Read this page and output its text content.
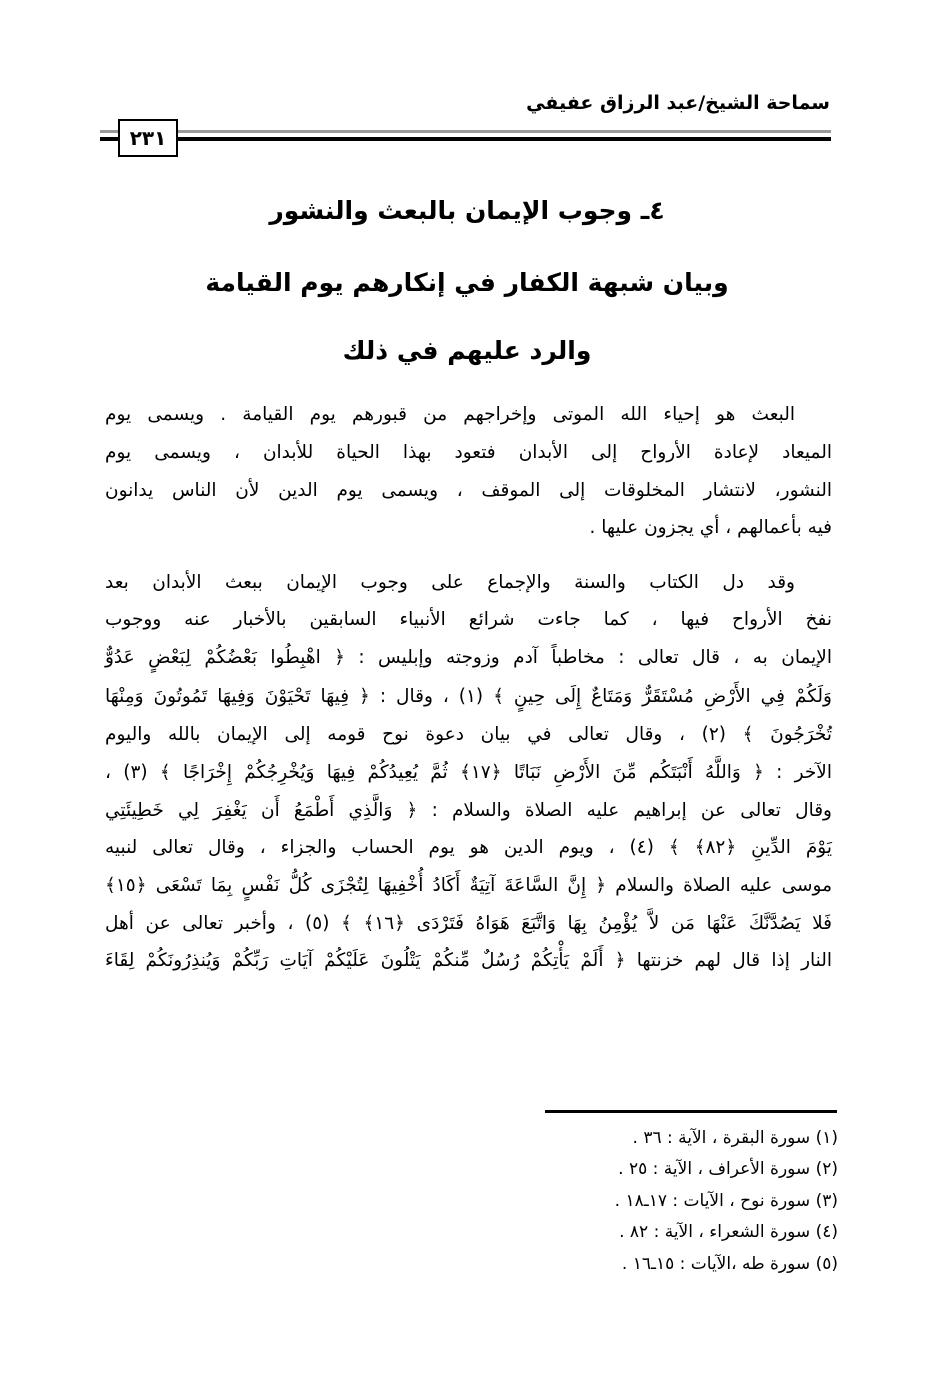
سماحة الشيخ/عبد الرزاق عفيفي
٢٣١
٤ـ وجوب الإيمان بالبعث والنشور
وبيان شبهة الكفار في إنكارهم يوم القيامة
والرد عليهم في ذلك
البعث هو إحياء الله الموتى وإخراجهم من قبورهم يوم القيامة . ويسمى يوم
الميعاد لإعادة الأرواح إلى الأبدان فتعود بهذا الحياة للأبدان ، ويسمى يوم
النشور، لانتشار المخلوقات إلى الموقف ، ويسمى يوم الدين لأن الناس يدانون
فيه بأعمالهم ، أي يجزون عليها .
وقد دل الكتاب والسنة والإجماع على وجوب الإيمان ببعث الأبدان بعد
نفخ الأرواح فيها ، كما جاءت شرائع الأنبياء السابقين بالأخبار عنه ووجوب
الإيمان به ، قال تعالى : مخاطباً آدم وزوجته وإبليس : ﴿ اهْبِطُوا بَعْضُكُمْ لِبَعْضٍ عَدُوٌّ
وَلَكُمْ فِي الأَرْضِ مُسْتَقَرٌّ وَمَتَاعٌ إِلَى حِينٍ ﴾ (١) ، وقال : ﴿ فِيهَا تَحْيَوْنَ وَفِيهَا تَمُوتُونَ وَمِنْهَا
تُخْرَجُونَ ﴾ (٢) ، وقال تعالى في بيان دعوة نوح قومه إلى الإيمان بالله واليوم
الآخر : ﴿ وَاللَّهُ أَنْبَتَكُم مِّنَ الأَرْضِ نَبَاتًا ﴿١٧﴾ ثُمَّ يُعِيدُكُمْ فِيهَا وَيُخْرِجُكُمْ إِخْرَاجًا ﴾ (٣) ،
وقال تعالى عن إبراهيم عليه الصلاة والسلام : ﴿ وَالَّذِي أَطْمَعُ أَن يَغْفِرَ لِي خَطِيئَتِي
يَوْمَ الدِّينِ ﴿٨٢﴾ ﴾ (٤) ، ويوم الدين هو يوم الحساب والجزاء ، وقال تعالى لنبيه
موسى عليه الصلاة والسلام ﴿ إِنَّ السَّاعَةَ آتِيَةٌ أَكَادُ أُخْفِيهَا لِتُجْزَى كُلُّ نَفْسٍ بِمَا تَسْعَى ﴿١٥﴾
فَلا يَصُدَّنَّكَ عَنْهَا مَن لاَّ يُؤْمِنُ بِهَا وَاتَّبَعَ هَوَاهُ فَتَرْدَى ﴿١٦﴾ ﴾ (٥) ، وأخبر تعالى عن أهل
النار إذا قال لهم خزنتها ﴿ أَلَمْ يَأْتِكُمْ رُسُلٌ مِّنكُمْ يَتْلُونَ عَلَيْكُمْ آيَاتِ رَبِّكُمْ وَيُنذِرُونَكُمْ لِقَاءَ
(١) سورة البقرة ، الآية : ٣٦ .
(٢) سورة الأعراف ، الآية : ٢٥ .
(٣) سورة نوح ، الآيات : ١٧ـ١٨ .
(٤) سورة الشعراء ، الآية : ٨٢ .
(٥) سورة طه ،الآيات : ١٥ـ١٦ .
